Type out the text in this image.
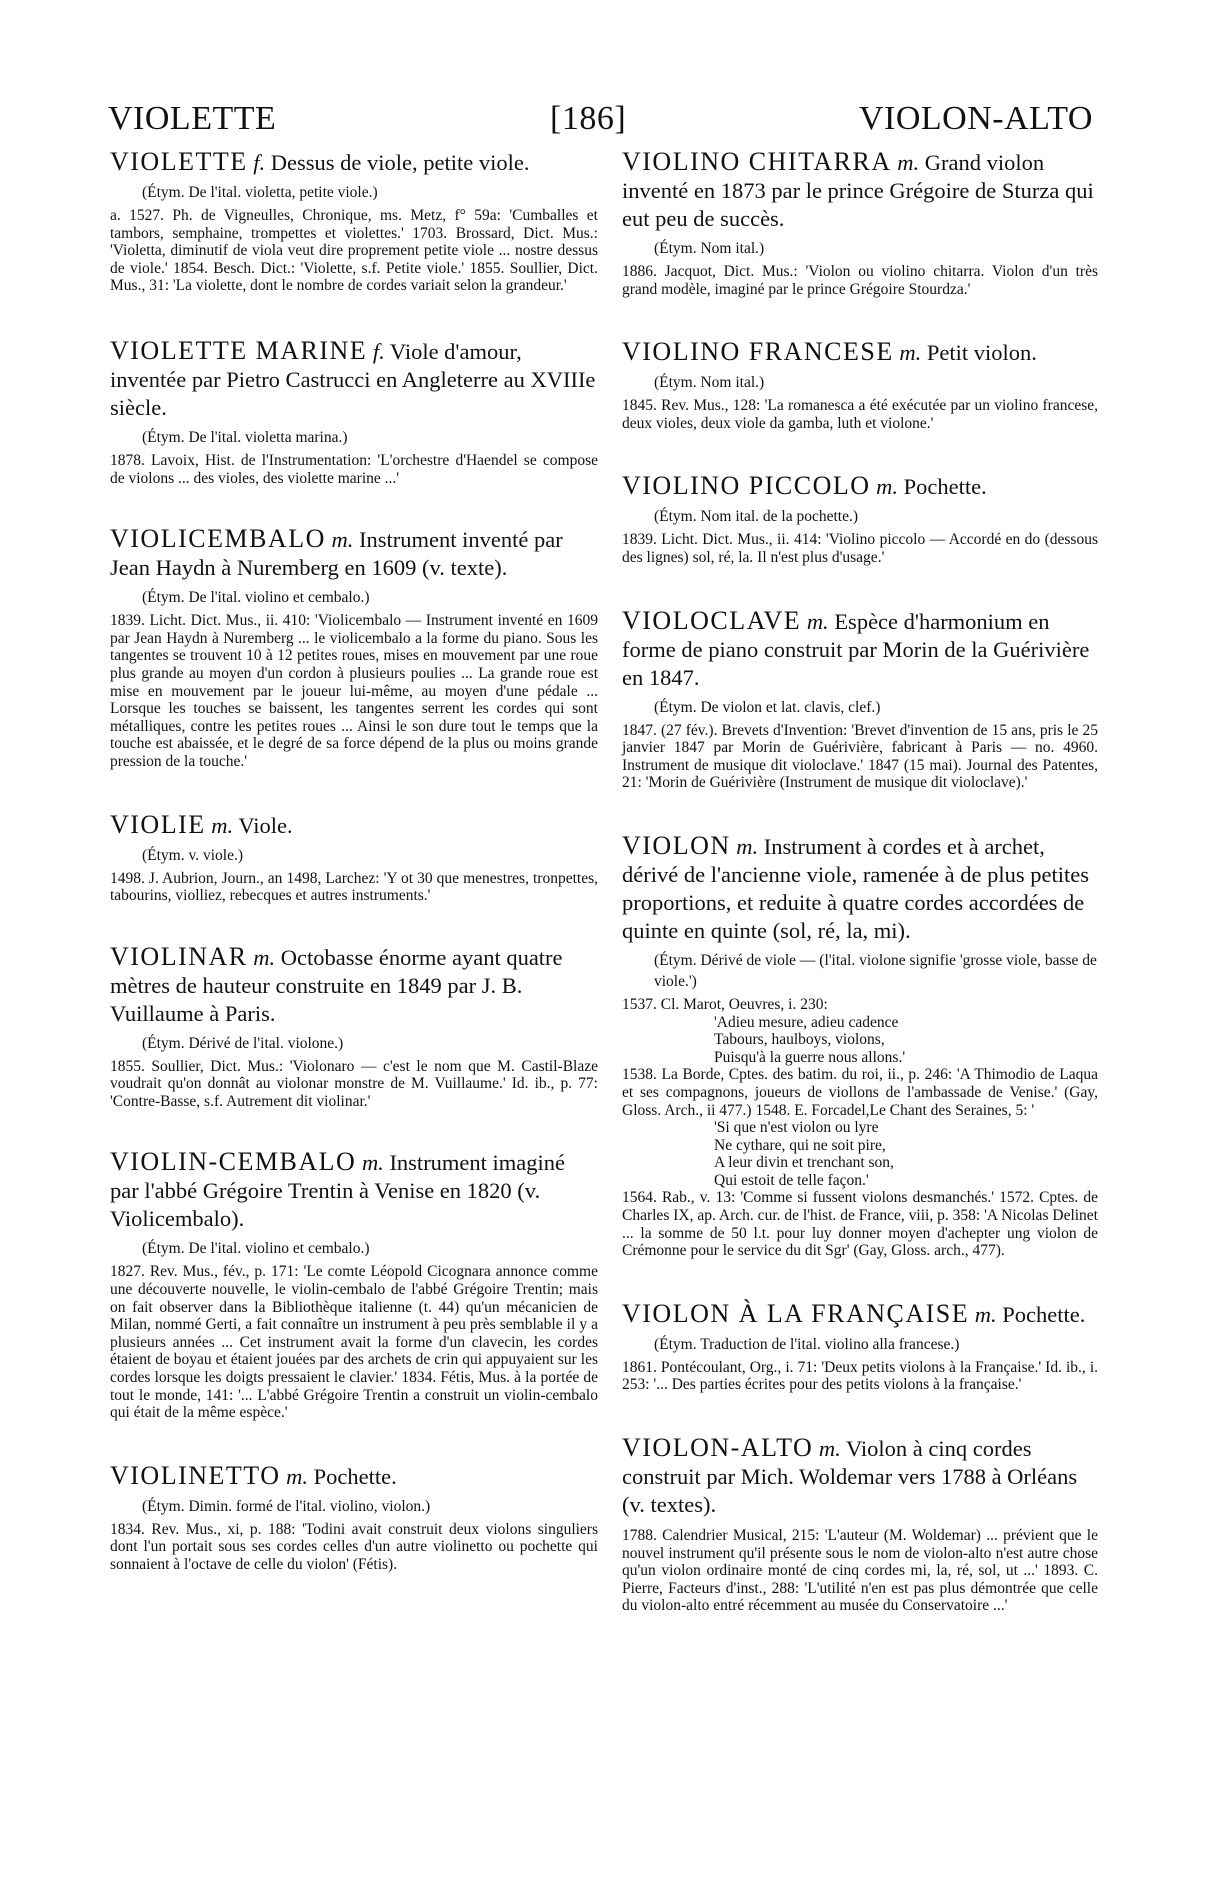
VIOLETTE	[186]	VIOLON-ALTO

VIOLETTE f. Dessus de viole, petite viole.

(Étym. De l'ital. violetta, petite viole.)

a. 1527. Ph. de Vigneulles, Chronique, ms. Metz, f° 59a: 'Cumballes et tambors, semphaine, trompettes et violettes.' 1703. Brossard, Dict. Mus.: 'Violetta, diminutif de viola veut dire proprement petite viole ... nostre dessus de viole.' 1854. Besch. Dict.: 'Violette, s.f. Petite viole.' 1855. Soullier, Dict. Mus., 31: 'La violette, dont le nombre de cordes variait selon la grandeur.'

VIOLETTE MARINE f. Viole d'amour, inventée par Pietro Castrucci en Angleterre au XVIIIe siècle.

(Étym. De l'ital. violetta marina.)

1878. Lavoix, Hist. de l'Instrumentation: 'L'orchestre d'Haendel se compose de violons ... des violes, des violette marine ...'

VIOLICEMBALO m. Instrument inventé par Jean Haydn à Nuremberg en 1609 (v. texte).

(Étym. De l'ital. violino et cembalo.)

1839. Licht. Dict. Mus., ii. 410: 'Violicembalo — Instrument inventé en 1609 par Jean Haydn à Nuremberg ... le violicembalo a la forme du piano. Sous les tangentes se trouvent 10 à 12 petites roues, mises en mouvement par une roue plus grande au moyen d'un cordon à plusieurs poulies ... La grande roue est mise en mouvement par le joueur lui-même, au moyen d'une pédale ... Lorsque les touches se baissent, les tangentes serrent les cordes qui sont métalliques, contre les petites roues ... Ainsi le son dure tout le temps que la touche est abaissée, et le degré de sa force dépend de la plus ou moins grande pression de la touche.'

VIOLIE m. Viole.

(Étym. v. viole.)

1498. J. Aubrion, Journ., an 1498, Larchez: 'Y ot 30 que menestres, tronpettes, tabourins, violliez, rebecques et autres instruments.'

VIOLINAR m. Octobasse énorme ayant quatre mètres de hauteur construite en 1849 par J. B. Vuillaume à Paris.

(Étym. Dérivé de l'ital. violone.)

1855. Soullier, Dict. Mus.: 'Violonaro — c'est le nom que M. Castil-Blaze voudrait qu'on donnât au violonar monstre de M. Vuillaume.' Id. ib., p. 77: 'Contre-Basse, s.f. Autrement dit violinar.'

VIOLIN-CEMBALO m. Instrument imaginé par l'abbé Grégoire Trentin à Venise en 1820 (v. Violicembalo).

(Étym. De l'ital. violino et cembalo.)

1827. Rev. Mus., fév., p. 171: 'Le comte Léopold Cicognara annonce comme une découverte nouvelle, le violin-cembalo de l'abbé Grégoire Trentin; mais on fait observer dans la Bibliothèque italienne (t. 44) qu'un mécanicien de Milan, nommé Gerti, a fait connaître un instrument à peu près semblable il y a plusieurs années ... Cet instrument avait la forme d'un clavecin, les cordes étaient de boyau et étaient jouées par des archets de crin qui appuyaient sur les cordes lorsque les doigts pressaient le clavier.' 1834. Fétis, Mus. à la portée de tout le monde, 141: '... L'abbé Grégoire Trentin a construit un violin-cembalo qui était de la même espèce.'

VIOLINETTO m. Pochette.

(Étym. Dimin. formé de l'ital. violino, violon.)

1834. Rev. Mus., xi, p. 188: 'Todini avait construit deux violons singuliers dont l'un portait sous ses cordes celles d'un autre violinetto ou pochette qui sonnaient à l'octave de celle du violon' (Fétis).

VIOLINO CHITARRA m. Grand violon inventé en 1873 par le prince Grégoire de Sturza qui eut peu de succès.

(Étym. Nom ital.)

1886. Jacquot, Dict. Mus.: 'Violon ou violino chitarra. Violon d'un très grand modèle, imaginé par le prince Grégoire Stourdza.'

VIOLINO FRANCESE m. Petit violon.

(Étym. Nom ital.)

1845. Rev. Mus., 128: 'La romanesca a été exécutée par un violino francese, deux violes, deux viole da gamba, luth et violone.'

VIOLINO PICCOLO m. Pochette.

(Étym. Nom ital. de la pochette.)

1839. Licht. Dict. Mus., ii. 414: 'Violino piccolo — Accordé en do (dessous des lignes) sol, ré, la. Il n'est plus d'usage.'

VIOLOCLAVE m. Espèce d'harmonium en forme de piano construit par Morin de la Guérivière en 1847.

(Étym. De violon et lat. clavis, clef.)

1847. (27 fév.). Brevets d'Invention: 'Brevet d'invention de 15 ans, pris le 25 janvier 1847 par Morin de Guérivière, fabricant à Paris — no. 4960. Instrument de musique dit violoclave.' 1847 (15 mai). Journal des Patentes, 21: 'Morin de Guérivière (Instrument de musique dit violoclave).'

VIOLON m. Instrument à cordes et à archet, dérivé de l'ancienne viole, ramenée à de plus petites proportions, et reduite à quatre cordes accordées de quinte en quinte (sol, ré, la, mi).

(Étym. Dérivé de viole — (l'ital. violone signifie 'grosse viole, basse de viole.')

1537. Cl. Marot, Oeuvres, i. 230:

'Adieu mesure, adieu cadence

Tabours, haulboys, violons,

Puisqu'à la guerre nous allons.'

1538. La Borde, Cptes. des batim. du roi, ii., p. 246: 'A Thimodio de Laqua et ses compagnons, joueurs de viollons de l'ambassade de Venise.' (Gay, Gloss. Arch., ii 477.) 1548. E. Forcadel,Le Chant des Seraines, 5: '

'Si que n'est violon ou lyre

Ne cythare, qui ne soit pire,

A leur divin et trenchant son,

Qui estoit de telle façon.'

1564. Rab., v. 13: 'Comme si fussent violons desmanchés.' 1572. Cptes. de Charles IX, ap. Arch. cur. de l'hist. de France, viii, p. 358: 'A Nicolas Delinet ... la somme de 50 l.t. pour luy donner moyen d'achepter ung violon de Crémonne pour le service du dit Sgr' (Gay, Gloss. arch., 477).

VIOLON À LA FRANÇAISE m. Pochette.

(Étym. Traduction de l'ital. violino alla francese.)

1861. Pontécoulant, Org., i. 71: 'Deux petits violons à la Française.' Id. ib., i. 253: '... Des parties écrites pour des petits violons à la française.'

VIOLON-ALTO m. Violon à cinq cordes construit par Mich. Woldemar vers 1788 à Orléans (v. textes).

1788. Calendrier Musical, 215: 'L'auteur (M. Woldemar) ... prévient que le nouvel instrument qu'il présente sous le nom de violon-alto n'est autre chose qu'un violon ordinaire monté de cinq cordes mi, la, ré, sol, ut ...' 1893. C. Pierre, Facteurs d'inst., 288: 'L'utilité n'en est pas plus démontrée que celle du violon-alto entré récemment au musée du Conservatoire ...'
